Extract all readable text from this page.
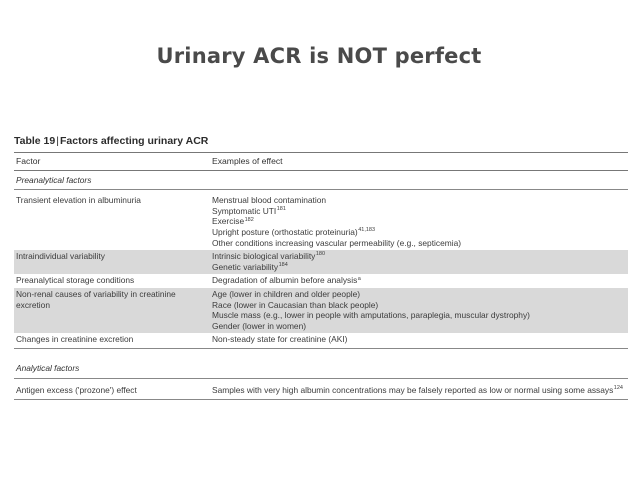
Urinary ACR is NOT perfect
Table 19|Factors affecting urinary ACR
Factor	Examples of effect
Preanalytical factors	
Transient elevation in albuminuria	Menstrual blood contamination
Symptomatic UTI$^{181}$
Exercise$^{182}$
Upright posture (orthostatic proteinuria)$^{41,183}$
Other conditions increasing vascular permeability (e.g., septicemia)

Intraindividual variability	Intrinsic biological variability$^{180}$
Genetic variability$^{184}$

Preanalytical storage conditions	Degradation of albumin before analysis$^a$

Non-renal causes of variability in creatinine excretion	Age (lower in children and older people)
Race (lower in Caucasian than black people)
Muscle mass (e.g., lower in people with amputations, paraplegia, muscular dystrophy)
Gender (lower in women)

Changes in creatinine excretion	Non-steady state for creatinine (AKI)

Analytical factors	
Antigen excess ('prozone') effect	Samples with very high albumin concentrations may be falsely reported as low or normal using some assays$^{124}$
